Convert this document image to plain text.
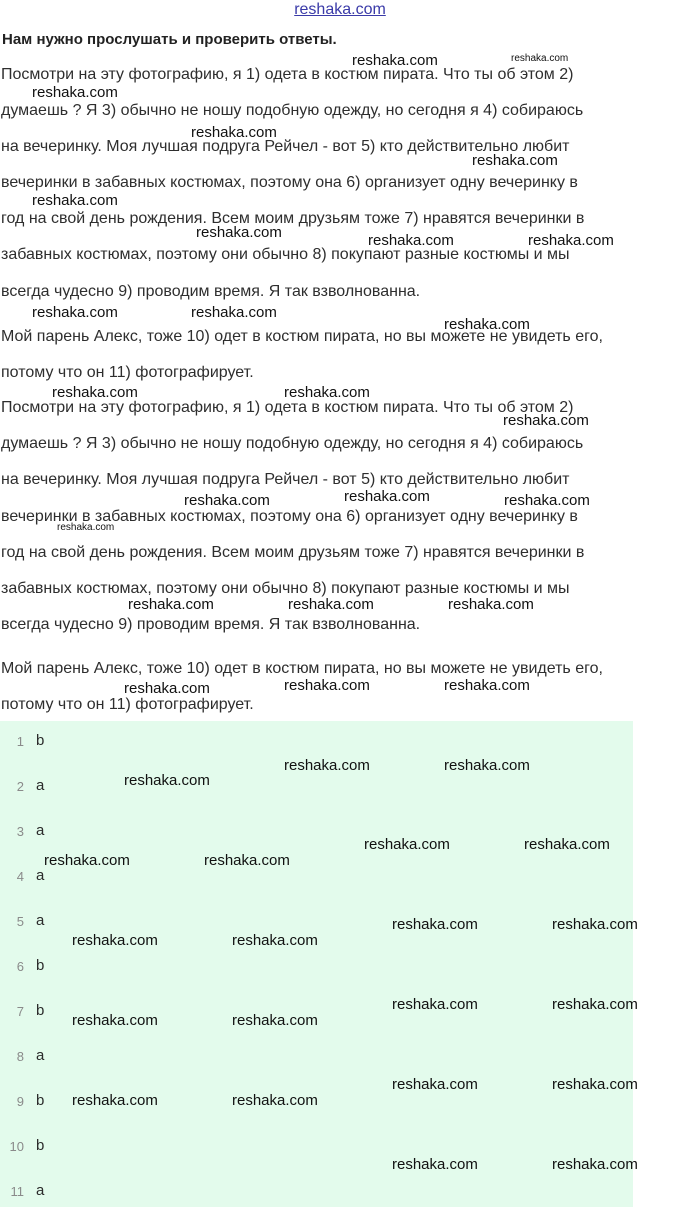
reshaka.com
Нам нужно прослушать и проверить ответы.
Посмотри на эту фотографию, я 1) одета в костюм пирата. Что ты об этом 2)
думаешь ? Я 3) обычно не ношу подобную одежду, но сегодня я 4) собираюсь
на вечеринку. Моя лучшая подруга Рейчел - вот 5) кто действительно любит
вечеринки в забавных костюмах, поэтому она 6) организует одну вечеринку в
год на свой день рождения. Всем моим друзьям тоже 7) нравятся вечеринки в
забавных костюмах, поэтому они обычно 8) покупают разные костюмы и мы
всегда чудесно 9) проводим время. Я так взволнованна.
Мой парень Алекс, тоже 10) одет в костюм пирата, но вы можете не увидеть его,
потому что он 11) фотографирует.
Посмотри на эту фотографию, я 1) одета в костюм пирата. Что ты об этом 2)
думаешь ? Я 3) обычно не ношу подобную одежду, но сегодня я 4) собираюсь
на вечеринку. Моя лучшая подруга Рейчел - вот 5) кто действительно любит
вечеринки в забавных костюмах, поэтому она 6) организует одну вечеринку в
год на свой день рождения. Всем моим друзьям тоже 7) нравятся вечеринки в
забавных костюмах, поэтому они обычно 8) покупают разные костюмы и мы
всегда чудесно 9) проводим время. Я так взволнованна.
Мой парень Алекс, тоже 10) одет в костюм пирата, но вы можете не увидеть его,
потому что он 11) фотографирует.
1 b
2 a
3 a
4 a
5 a
6 b
7 b
8 a
9 b
10 b
11 a
reshaka.com	reshaka.com
reshaka.com
reshaka.com
reshaka.com
reshaka.com
reshaka.com	reshaka.com	reshaka.com
reshaka.com	reshaka.com
reshaka.com
reshaka.com	reshaka.com
reshaka.com
reshaka.com	reshaka.com	reshaka.com
reshaka.com
reshaka.com	reshaka.com	reshaka.com
reshaka.com	reshaka.com	reshaka.com
reshaka.com	reshaka.com
reshaka.com
reshaka.com	reshaka.com
reshaka.com	reshaka.com
reshaka.com	reshaka.com
reshaka.com	reshaka.com
reshaka.com	reshaka.com
reshaka.com	reshaka.com
reshaka.com	reshaka.com
reshaka.com	reshaka.com
reshaka.com	reshaka.com
